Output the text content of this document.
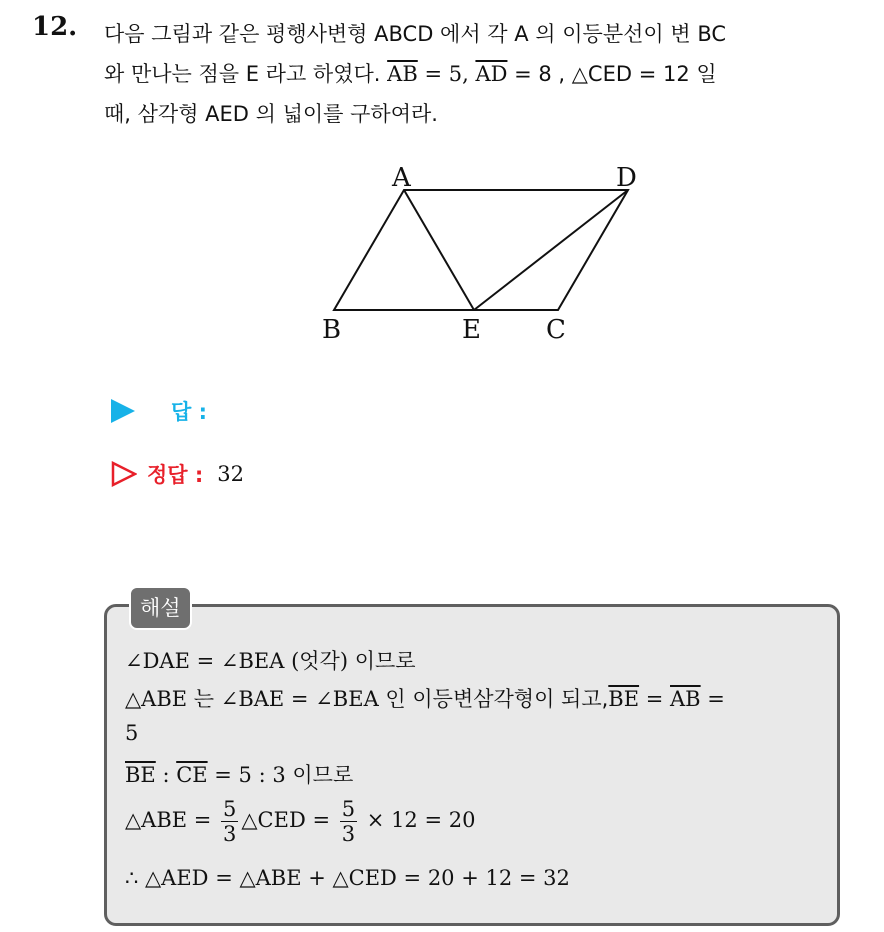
12. 다음 그림과 같은 평행사변형 ABCD 에서 각 A 의 이등분선이 변 BC
와 만나는 점을 E 라고 하였다. $\overline{AB} = 5$, $\overline{AD} = 8$ , △CED = 12 일
때, 삼각형 AED 의 넓이를 구하여라.
A	D
B	E	C
답 :
정답 : 32
해설
∠DAE = ∠BEA (엇각) 이므로
△ABE 는 ∠BAE = ∠BEA 인 이등변삼각형이 되고$,\overline{BE} = \overline{AB}$ =
5
$\overline{BE}$ : $\overline{CE} = 5$ : 3 이므로
△ABE = $\frac{5}{3}$ △CED = $\frac{5}{3} \times 12 = 20$
∴ △AED = △ABE + △CED = 20 + 12 = 32
